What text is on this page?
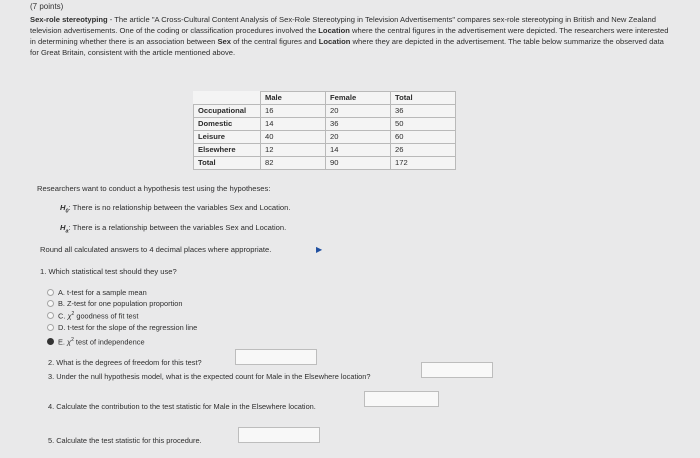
(7 points)
Sex-role stereotyping - The article "A Cross-Cultural Content Analysis of Sex-Role Stereotyping in Television Advertisements" compares sex-role stereotyping in British and New Zealand television advertisements. One of the coding or classification procedures involved the Location where the central figures in the advertisement were depicted. The researchers were interested in determining whether there is an association between Sex of the central figures and Location where they are depicted in the advertisement. The table below summarize the observed data for Great Britain, consistent with the article mentioned above.
	Male	Female	Total
Occupational	16	20	36
Domestic	14	36	50
Leisure	40	20	60
Elsewhere	12	14	26
Total	82	90	172
Researchers want to conduct a hypothesis test using the hypotheses:
$H_0$: There is no relationship between the variables Sex and Location.
$H_a$: There is a relationship between the variables Sex and Location.
Round all calculated answers to 4 decimal places where appropriate.	▶
1. Which statistical test should they use?
A. t-test for a sample mean
B. Z-test for one population proportion
C. $\chi^2$ goodness of fit test
D. t-test for the slope of the regression line
E. $\chi^2$ test of independence
2. What is the degrees of freedom for this test?
3. Under the null hypothesis model, what is the expected count for Male in the Elsewhere location?
4. Calculate the contribution to the test statistic for Male in the Elsewhere location.
5. Calculate the test statistic for this procedure.
